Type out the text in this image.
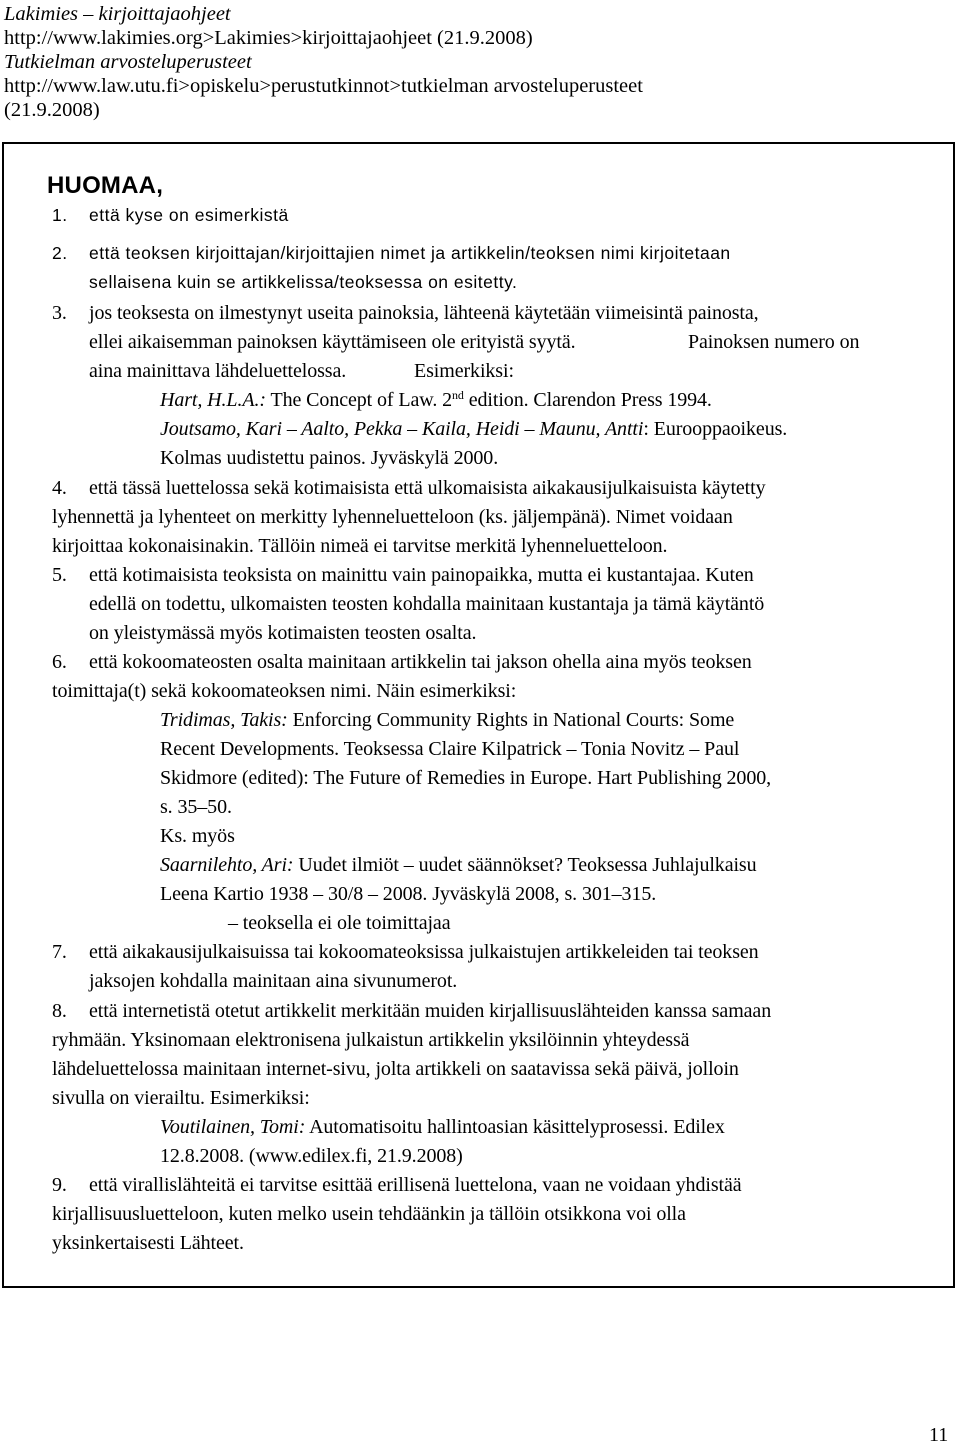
Lakimies – kirjoittajaohjeet
http://www.lakimies.org>Lakimies>kirjoittajaohjeet (21.9.2008)
Tutkielman arvosteluperusteet
http://www.law.utu.fi>opiskelu>perustutkinnot>tutkielman arvosteluperusteet
(21.9.2008)
HUOMAA,
1. että kyse on esimerkistä
2. että teoksen kirjoittajan/kirjoittajien nimet ja artikkelin/teoksen nimi kirjoitetaan
sellaisena kuin se artikkelissa/teoksessa on esitetty.
3. jos teoksesta on ilmestynyt useita painoksia, lähteenä käytetään viimeisintä painosta,
ellei aikaisemman painoksen käyttämiseen ole erityistä syytä.	Painoksen numero on
aina mainittava lähdeluettelossa.	Esimerkiksi:
Hart, H.L.A.: The Concept of Law. 2nd edition. Clarendon Press 1994.
Joutsamo, Kari – Aalto, Pekka – Kaila, Heidi – Maunu, Antti: Eurooppaoikeus.
Kolmas uudistettu painos. Jyväskylä 2000.
4. että tässä luettelossa sekä kotimaisista että ulkomaisista aikakausijulkaisuista käytetty
lyhennettä ja lyhenteet on merkitty lyhenneluetteloon (ks. jäljempänä). Nimet voidaan
kirjoittaa kokonaisinakin. Tällöin nimeä ei tarvitse merkitä lyhenneluetteloon.
5. että kotimaisista teoksista on mainittu vain painopaikka, mutta ei kustantajaa. Kuten
edellä on todettu, ulkomaisten teosten kohdalla mainitaan kustantaja ja tämä käytäntö
on yleistymässä myös kotimaisten teosten osalta.
6. että kokoomateosten osalta mainitaan artikkelin tai jakson ohella aina myös teoksen
toimittaja(t) sekä kokoomateoksen nimi. Näin esimerkiksi:
Tridimas, Takis: Enforcing Community Rights in National Courts: Some
Recent Developments. Teoksessa Claire Kilpatrick – Tonia Novitz – Paul
Skidmore (edited): The Future of Remedies in Europe. Hart Publishing 2000,
s. 35–50.
Ks. myös
Saarnilehto, Ari: Uudet ilmiöt – uudet säännökset? Teoksessa Juhlajulkaisu
Leena Kartio 1938 – 30/8 – 2008. Jyväskylä 2008, s. 301–315.
– teoksella ei ole toimittajaa
7. että aikakausijulkaisuissa tai kokoomateoksissa julkaistujen artikkeleiden tai teoksen
jaksojen kohdalla mainitaan aina sivunumerot.
8. että internetistä otetut artikkelit merkitään muiden kirjallisuuslähteiden kanssa samaan
ryhmään. Yksinomaan elektronisena julkaistun artikkelin yksilöinnin yhteydessä
lähdeluettelossa mainitaan internet-sivu, jolta artikkeli on saatavissa sekä päivä, jolloin
sivulla on vierailtu. Esimerkiksi:
Voutilainen, Tomi: Automatisoitu hallintoasian käsittelyprosessi. Edilex
12.8.2008. (www.edilex.fi, 21.9.2008)
9. että virallislähteitä ei tarvitse esittää erillisenä luettelona, vaan ne voidaan yhdistää
kirjallisuusluetteloon, kuten melko usein tehdäänkin ja tällöin otsikkona voi olla
yksinkertaisesti Lähteet.
11
